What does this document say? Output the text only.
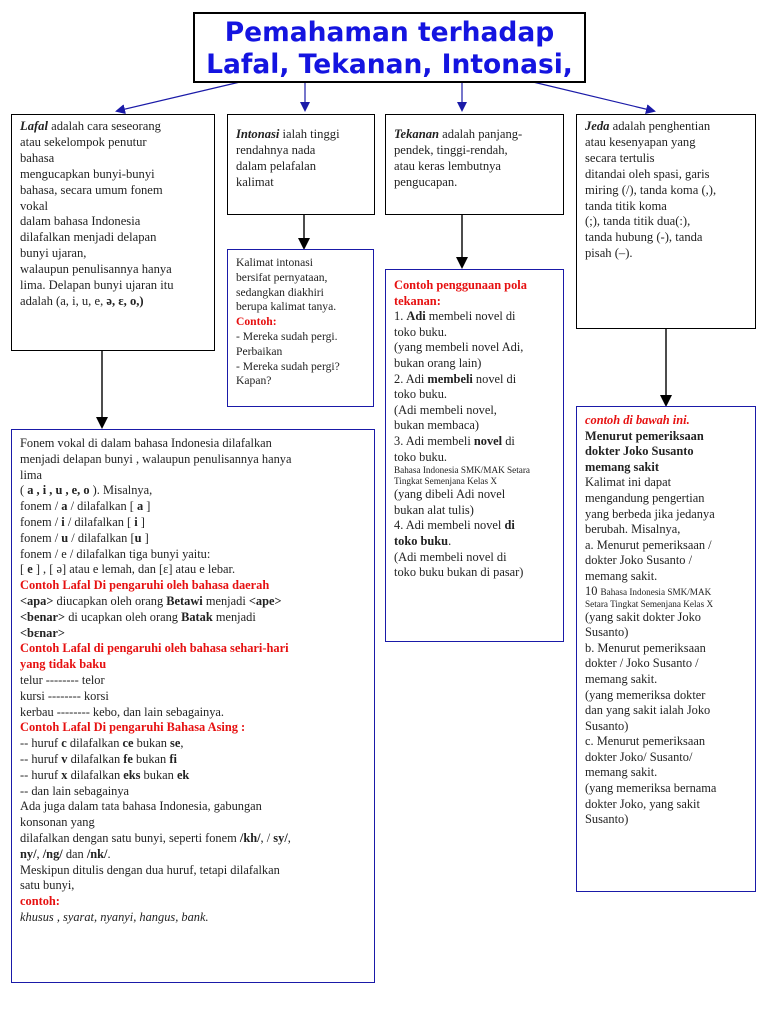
Pemahaman terhadap
Lafal, Tekanan, Intonasi,

Lafal adalah cara seseorang

atau sekelompok penutur

bahasa

mengucapkan bunyi-bunyi

bahasa, secara umum fonem

vokal

dalam bahasa Indonesia

dilafalkan menjadi delapan

bunyi ujaran,

walaupun penulisannya hanya

lima. Delapan bunyi ujaran itu

adalah (a, i, u, e, ə, ɛ, o,)

Intonasi ialah tinggi

rendahnya nada

dalam pelafalan

kalimat

Tekanan adalah panjang-

pendek, tinggi-rendah,

atau keras lembutnya

pengucapan.

Jeda adalah penghentian

atau kesenyapan yang

secara tertulis

ditandai oleh spasi, garis

miring (/), tanda koma (,),

tanda titik koma

(;), tanda titik dua(:),

tanda hubung (-), tanda

pisah (–).

Kalimat intonasi

bersifat pernyataan,

sedangkan diakhiri

berupa kalimat tanya.

Contoh:

- Mereka sudah pergi.

Perbaikan

- Mereka sudah pergi?

Kapan?

Contoh penggunaan pola

tekanan:

1. Adi membeli novel di

toko buku.

(yang membeli novel Adi,

bukan orang lain)

2. Adi membeli novel di

toko buku.

(Adi membeli novel,

bukan membaca)

3. Adi membeli novel di

toko buku.

Bahasa Indonesia SMK/MAK Setara Tingkat Semenjana Kelas X

(yang dibeli Adi novel

bukan alat tulis)

4. Adi membeli novel di

toko buku.

(Adi membeli novel di

toko buku bukan di pasar)

contoh di bawah ini.

Menurut pemeriksaan

dokter Joko Susanto

memang sakit

Kalimat ini dapat

mengandung pengertian

yang berbeda jika jedanya

berubah. Misalnya,

a. Menurut pemeriksaan /

dokter Joko Susanto /

memang sakit.

10 Bahasa Indonesia SMK/MAK

Setara Tingkat Semenjana Kelas X

(yang sakit dokter Joko

Susanto)

b. Menurut pemeriksaan

dokter / Joko Susanto /

memang sakit.

(yang memeriksa dokter

dan yang sakit ialah Joko

Susanto)

c. Menurut pemeriksaan

dokter Joko/ Susanto/

memang sakit.

(yang memeriksa bernama

dokter Joko, yang sakit

Susanto)

Fonem vokal di dalam bahasa Indonesia dilafalkan

menjadi delapan bunyi , walaupun penulisannya hanya

lima

( a , i , u , e, o ). Misalnya,

fonem / a / dilafalkan [ a ]

fonem / i / dilafalkan [ i ]

fonem / u / dilafalkan [u ]

fonem / e / dilafalkan tiga bunyi yaitu:

[ e ] , [ ə] atau e lemah, dan [ɛ] atau e lebar.

Contoh Lafal Di pengaruhi oleh bahasa daerah

<apa> diucapkan oleh orang Betawi menjadi <ape>

<benar> di ucapkan oleh orang Batak menjadi

<bɛnar>

Contoh Lafal di pengaruhi oleh bahasa sehari-hari

yang tidak baku

telur -------- telor

kursi -------- korsi

kerbau -------- kebo, dan lain sebagainya.

Contoh Lafal Di pengaruhi Bahasa Asing :

-- huruf c dilafalkan ce bukan se,

-- huruf v dilafalkan fe bukan fi

-- huruf x dilafalkan eks bukan ek

-- dan lain sebagainya

Ada juga dalam tata bahasa Indonesia, gabungan

konsonan yang

dilafalkan dengan satu bunyi, seperti fonem /kh/, / sy/,

ny/, /ng/ dan /nk/.

Meskipun ditulis dengan dua huruf, tetapi dilafalkan

satu bunyi,

contoh:

khusus , syarat, nyanyi, hangus, bank.
